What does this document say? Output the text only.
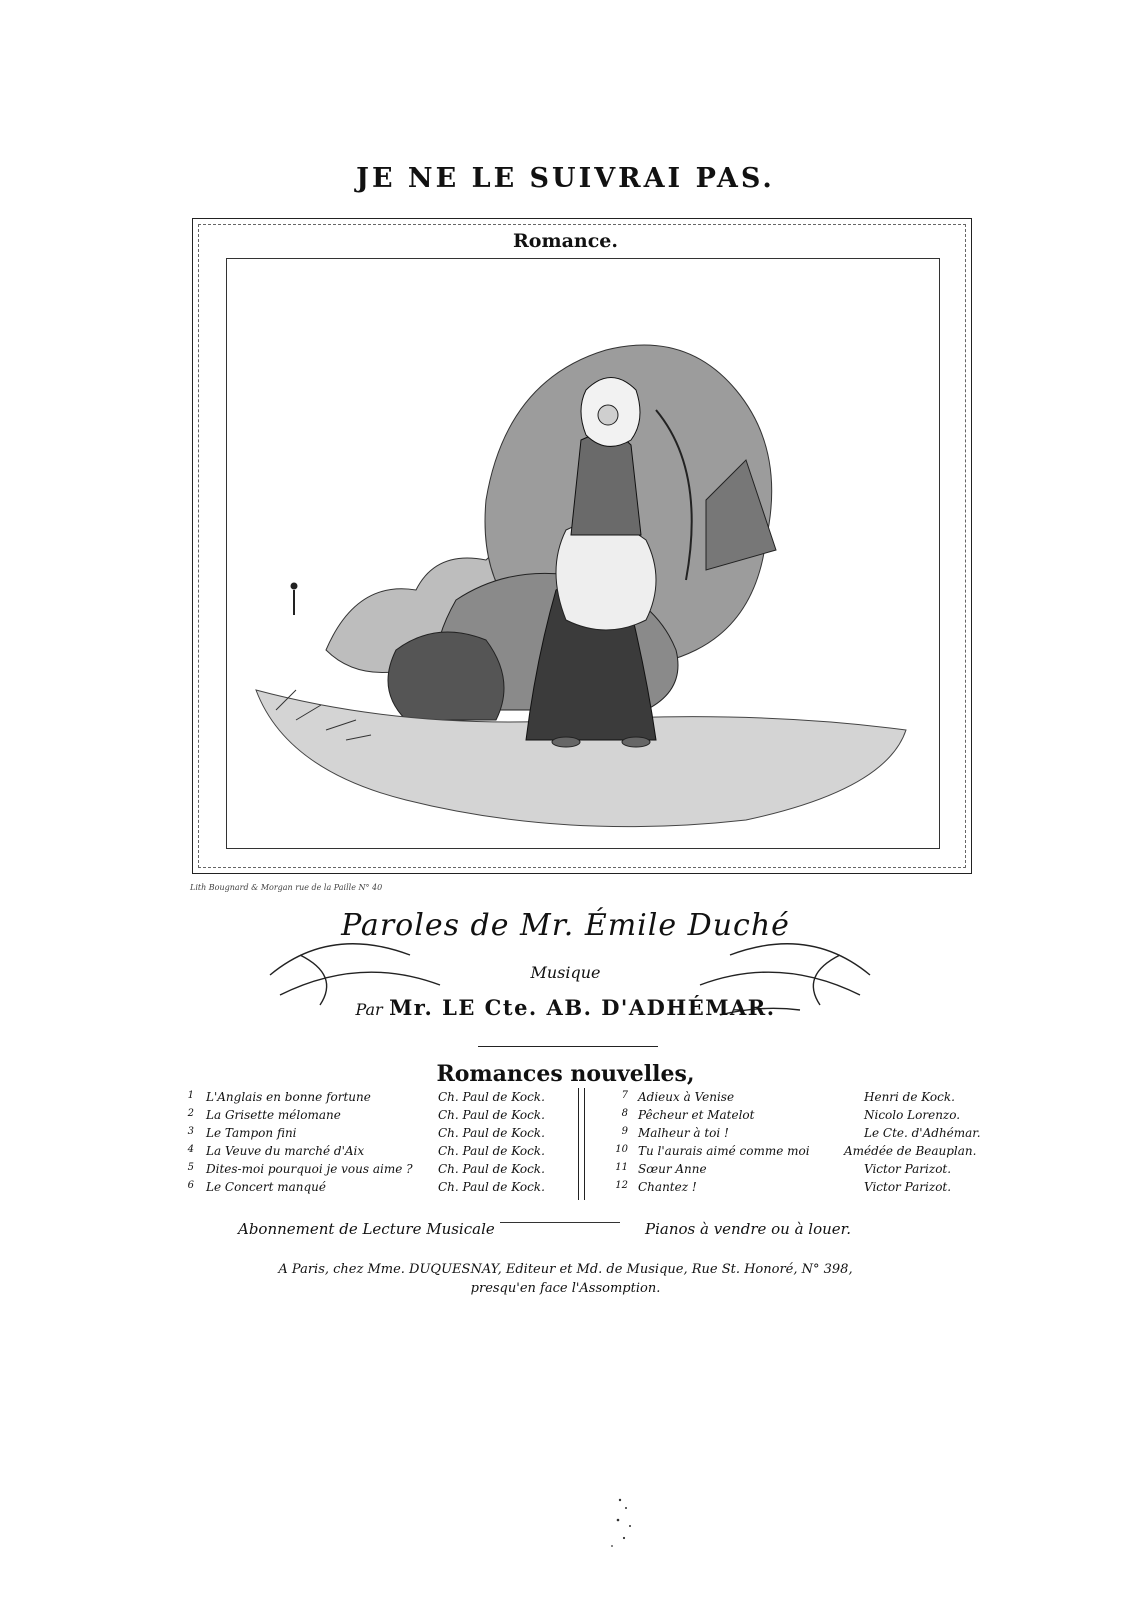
JE NE LE SUIVRAI PAS.
Romance.
Lith Bougnard & Morgan rue de la Paille N° 40
Paroles de Mr. Émile Duché
Musique
Par Mr. LE Cte. AB. D'ADHÉMAR.
Romances nouvelles,
1 L'Anglais en bonne fortune	Ch. Paul de Kock.
2 La Grisette mélomane	Ch. Paul de Kock.
3 Le Tampon fini	Ch. Paul de Kock.
4 La Veuve du marché d'Aix	Ch. Paul de Kock.
5 Dites-moi pourquoi je vous aime ? Ch. Paul de Kock.
6 Le Concert manqué	Ch. Paul de Kock.
7 Adieux à Venise	Henri de Kock.
8 Pêcheur et Matelot	Nicolo Lorenzo.
9 Malheur à toi !	Le Cte. d'Adhémar.
10 Tu l'aurais aimé comme moi	Amédée de Beauplan.
11 Sœur Anne	Victor Parizot.
12 Chantez !	Victor Parizot.
Abonnement de Lecture Musicale	Pianos à vendre ou à louer.
A Paris, chez Mme. DUQUESNAY, Editeur et Md. de Musique, Rue St. Honoré, N° 398,
presqu'en face l'Assomption.
